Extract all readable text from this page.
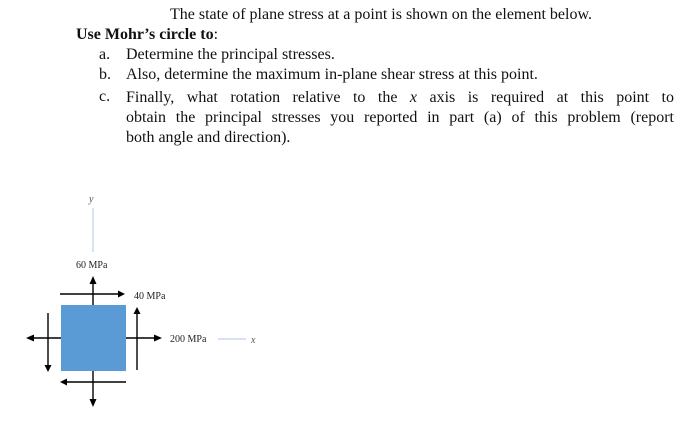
The state of plane stress at a point is shown on the element below.
Use Mohr’s circle to:
a. Determine the principal stresses.
b. Also, determine the maximum in-plane shear stress at this point.
c. Finally, what rotation relative to the x axis is required at this point to
obtain the principal stresses you reported in part (a) of this problem (report
both angle and direction).
y
60 MPa
40 MPa
200 MPa	x
